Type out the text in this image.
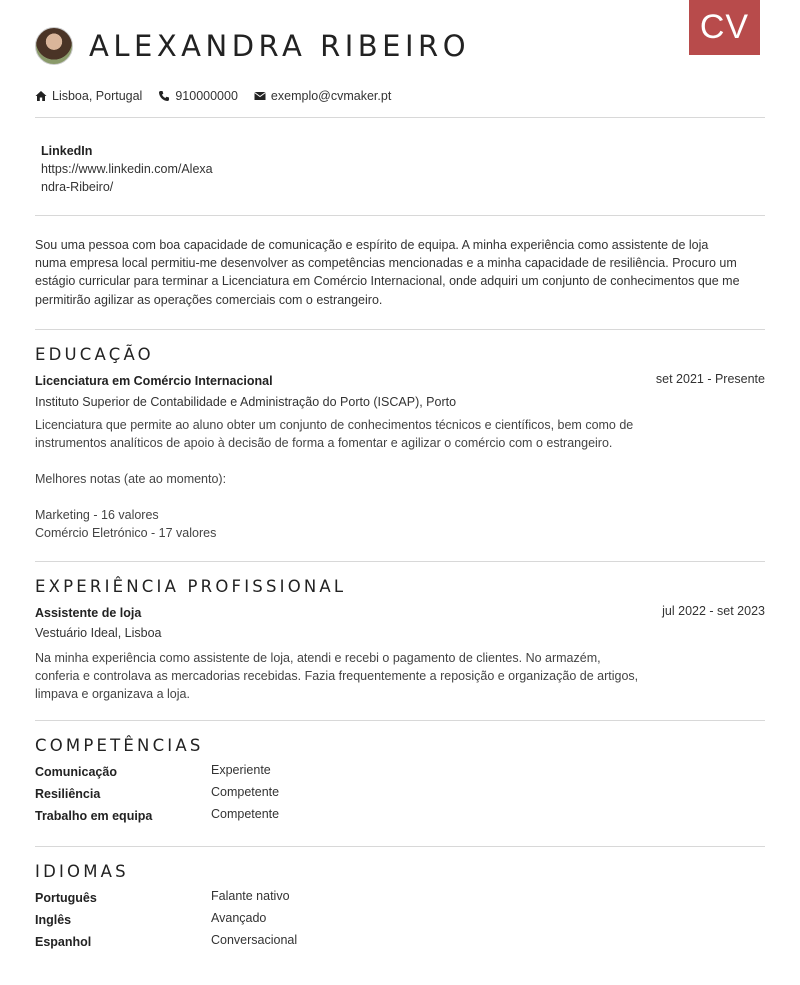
CV
ALEXANDRA RIBEIRO
Lisboa, Portugal	910000000	exemplo@cvmaker.pt
LinkedIn
https://www.linkedin.com/Alexandra-Ribeiro/
Sou uma pessoa com boa capacidade de comunicação e espírito de equipa. A minha experiência como assistente de loja numa empresa local permitiu-me desenvolver as competências mencionadas e a minha capacidade de resiliência. Procuro um estágio curricular para terminar a Licenciatura em Comércio Internacional, onde adquiri um conjunto de conhecimentos que me permitirão agilizar as operações comerciais com o estrangeiro.
EDUCAÇÃO
Licenciatura em Comércio Internacional	set 2021 - Presente
Instituto Superior de Contabilidade e Administração do Porto (ISCAP), Porto
Licenciatura que permite ao aluno obter um conjunto de conhecimentos técnicos e científicos, bem como de instrumentos analíticos de apoio à decisão de forma a fomentar e agilizar o comércio com o estrangeiro.
Melhores notas (ate ao momento):
Marketing - 16 valores
Comércio Eletrónico - 17 valores
EXPERIÊNCIA PROFISSIONAL
Assistente de loja	jul 2022 - set 2023
Vestuário Ideal, Lisboa
Na minha experiência como assistente de loja, atendi e recebi o pagamento de clientes. No armazém, conferia e controlava as mercadorias recebidas. Fazia frequentemente a reposição e organização de artigos, limpava e organizava a loja.
COMPETÊNCIAS
Comunicação	Experiente
Resiliência	Competente
Trabalho em equipa	Competente
IDIOMAS
Português	Falante nativo
Inglês	Avançado
Espanhol	Conversacional
